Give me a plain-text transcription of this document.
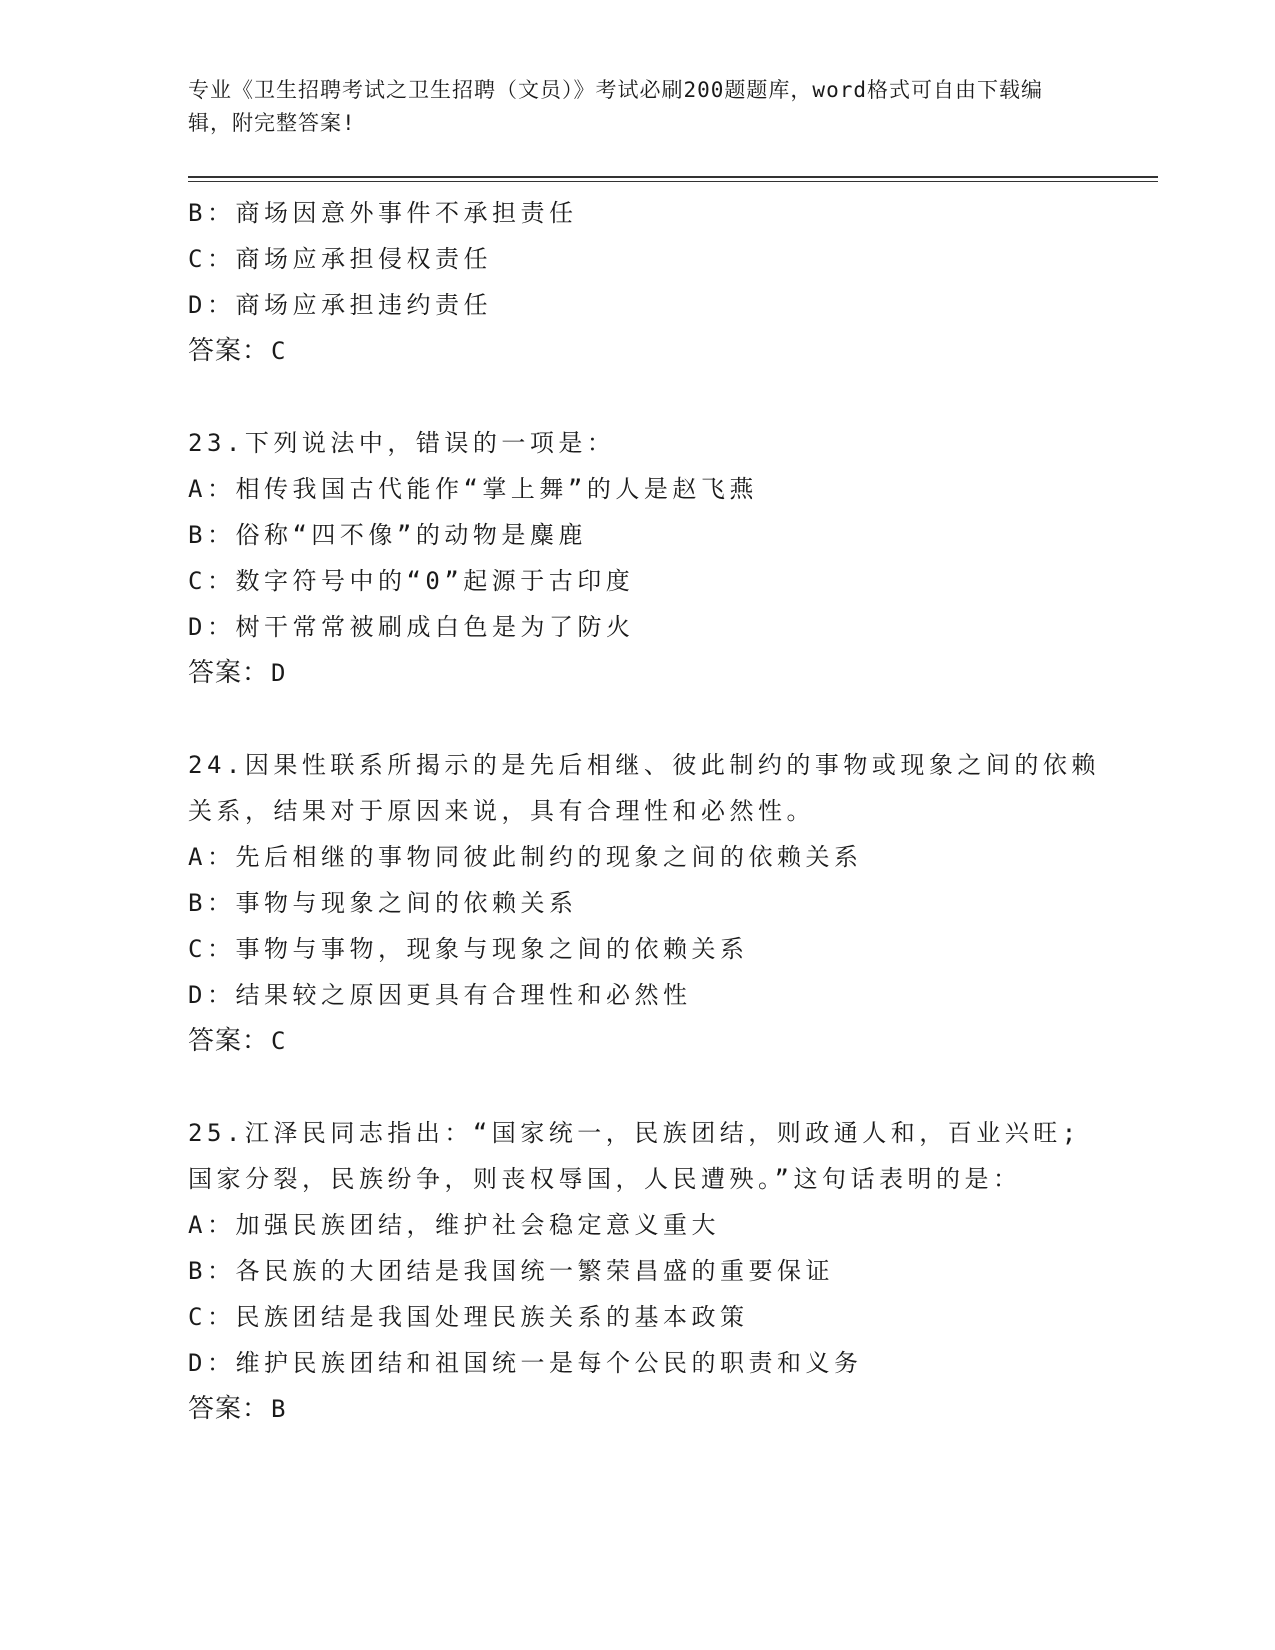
专业《卫生招聘考试之卫生招聘（文员）》考试必刷200题题库，word格式可自由下载编辑，附完整答案!

B：商场因意外事件不承担责任

C：商场应承担侵权责任

D：商场应承担违约责任

答案：C

23.下列说法中，错误的一项是：

A：相传我国古代能作“掌上舞”的人是赵飞燕

B：俗称“四不像”的动物是麋鹿

C：数字符号中的“0”起源于古印度

D：树干常常被刷成白色是为了防火

答案：D

24.因果性联系所揭示的是先后相继、彼此制约的事物或现象之间的依赖关系，结果对于原因来说，具有合理性和必然性。

A：先后相继的事物同彼此制约的现象之间的依赖关系

B：事物与现象之间的依赖关系

C：事物与事物，现象与现象之间的依赖关系

D：结果较之原因更具有合理性和必然性

答案：C

25.江泽民同志指出：“国家统一，民族团结，则政通人和，百业兴旺;国家分裂，民族纷争，则丧权辱国，人民遭殃。”这句话表明的是：

A：加强民族团结，维护社会稳定意义重大

B：各民族的大团结是我国统一繁荣昌盛的重要保证

C：民族团结是我国处理民族关系的基本政策

D：维护民族团结和祖国统一是每个公民的职责和义务

答案：B
